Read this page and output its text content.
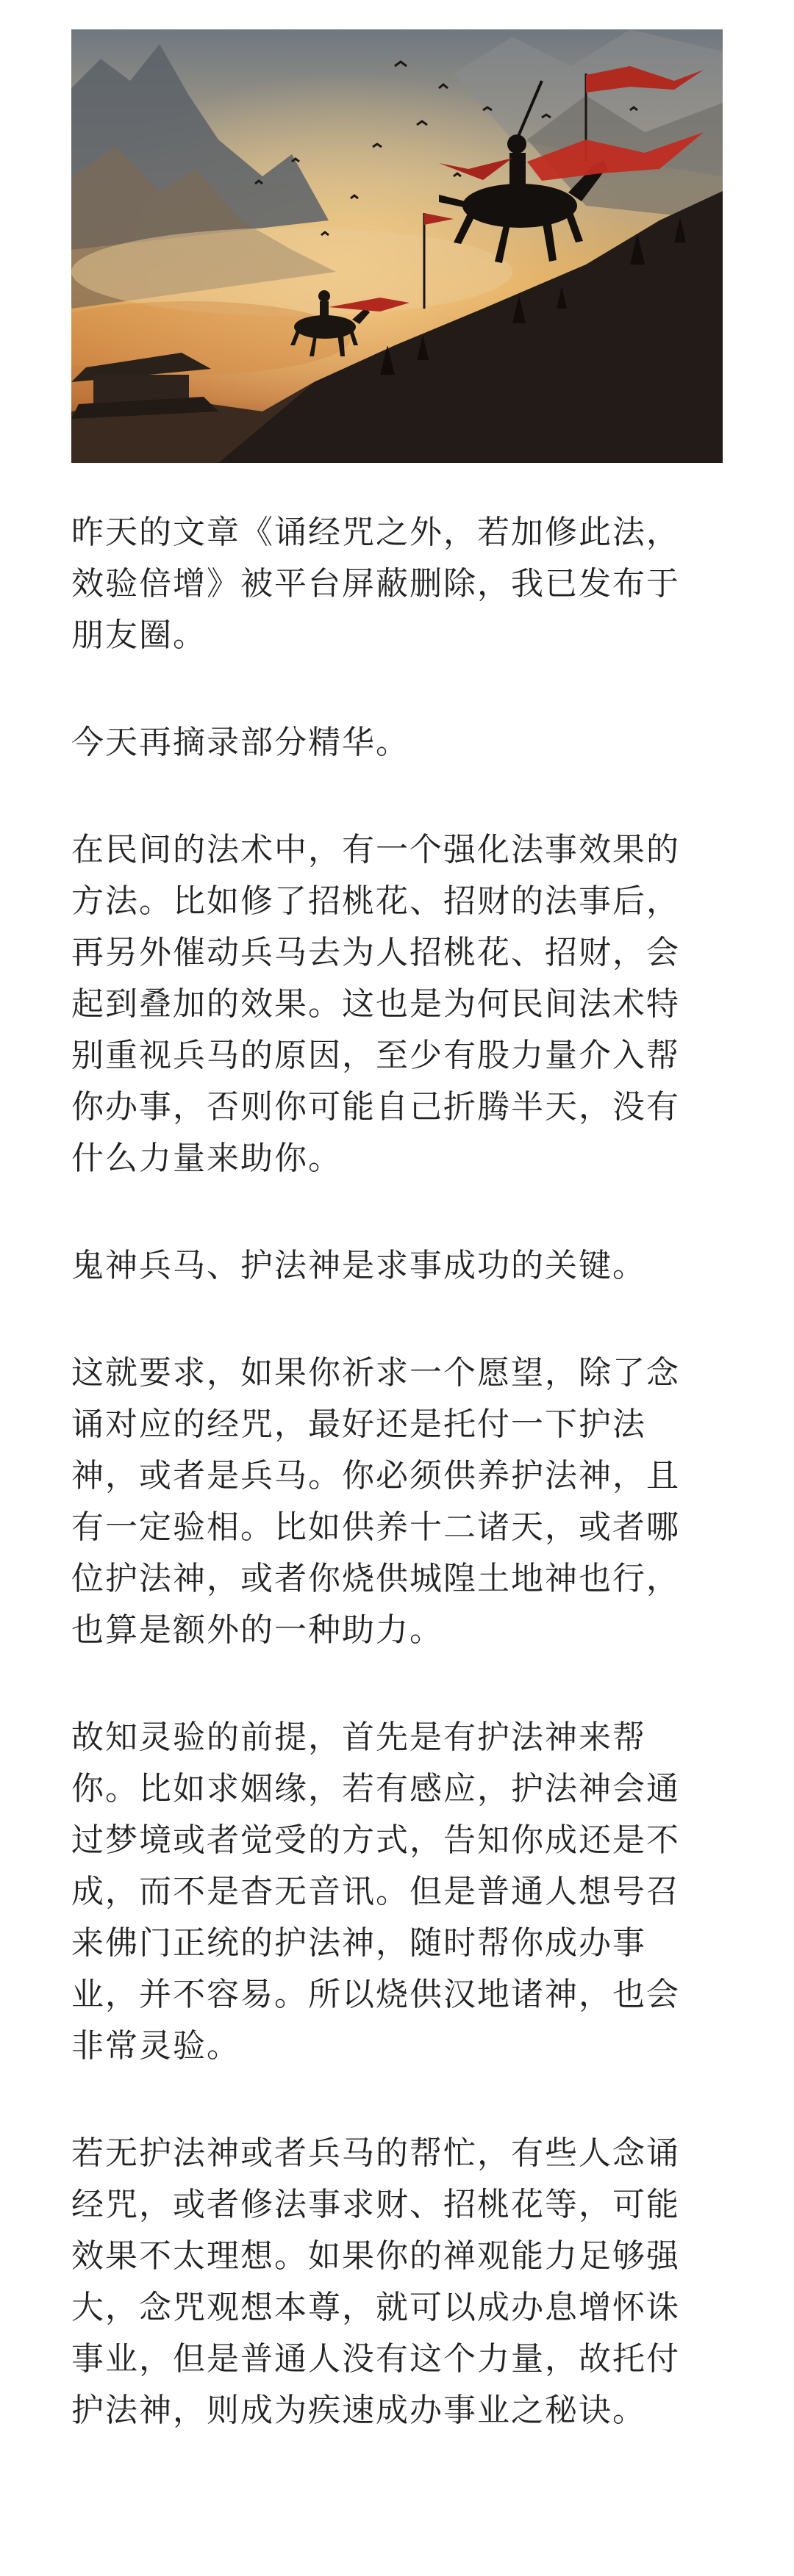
昨天的文章《诵经咒之外，若加修此法，
效验倍增》被平台屏蔽删除，我已发布于
朋友圈。

今天再摘录部分精华。

在民间的法术中，有一个强化法事效果的
方法。比如修了招桃花、招财的法事后，
再另外催动兵马去为人招桃花、招财，会
起到叠加的效果。这也是为何民间法术特
别重视兵马的原因，至少有股力量介入帮
你办事，否则你可能自己折腾半天，没有
什么力量来助你。

鬼神兵马、护法神是求事成功的关键。

这就要求，如果你祈求一个愿望，除了念
诵对应的经咒，最好还是托付一下护法
神，或者是兵马。你必须供养护法神，且
有一定验相。比如供养十二诸天，或者哪
位护法神，或者你烧供城隍土地神也行，
也算是额外的一种助力。

故知灵验的前提，首先是有护法神来帮
你。比如求姻缘，若有感应，护法神会通
过梦境或者觉受的方式，告知你成还是不
成，而不是杳无音讯。但是普通人想号召
来佛门正统的护法神，随时帮你成办事
业，并不容易。所以烧供汉地诸神，也会
非常灵验。

若无护法神或者兵马的帮忙，有些人念诵
经咒，或者修法事求财、招桃花等，可能
效果不太理想。如果你的禅观能力足够强
大，念咒观想本尊，就可以成办息增怀诛
事业，但是普通人没有这个力量，故托付
护法神，则成为疾速成办事业之秘诀。
